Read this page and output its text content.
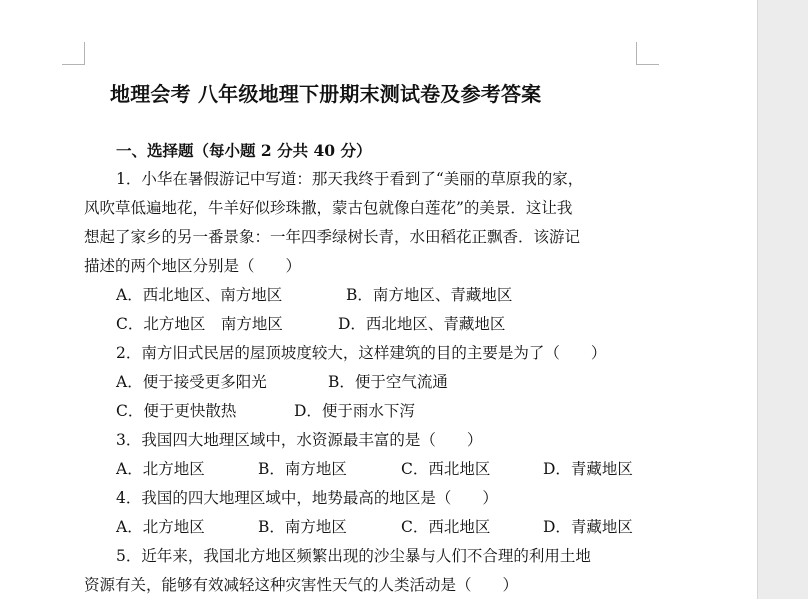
地理会考 八年级地理下册期末测试卷及参考答案
一、选择题（每小题 2 分共 40 分）
1．小华在暑假游记中写道：那天我终于看到了“美丽的草原我的家，
风吹草低遍地花，牛羊好似珍珠撒，蒙古包就像白莲花”的美景．这让我
想起了家乡的另一番景象：一年四季绿树长青，水田稻花正飘香．该游记
描述的两个地区分别是（　　）
A．西北地区、南方地区	B．南方地区、青藏地区
C．北方地区　南方地区	D．西北地区、青藏地区
2．南方旧式民居的屋顶坡度较大，这样建筑的目的主要是为了（　　）
A．便于接受更多阳光	B．便于空气流通
C．便于更快散热	D．便于雨水下泻
3．我国四大地理区域中，水资源最丰富的是（　　）
A．北方地区	B．南方地区	C．西北地区	D．青藏地区
4．我国的四大地理区域中，地势最高的地区是（　　）
A．北方地区	B．南方地区	C．西北地区	D．青藏地区
5．近年来，我国北方地区频繁出现的沙尘暴与人们不合理的利用土地
资源有关，能够有效减轻这种灾害性天气的人类活动是（　　）
